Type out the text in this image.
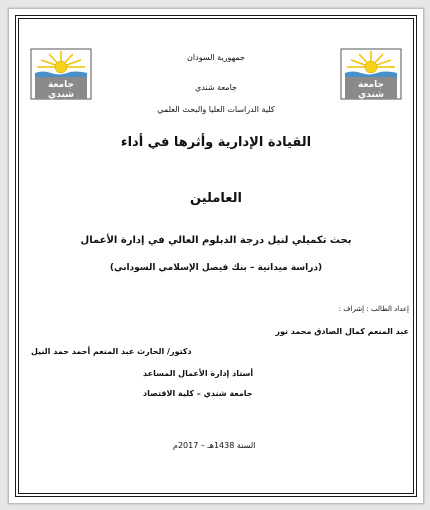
جامعة
شندي
جامعة
شندي
جمهورية السودان
جامعة شندي
كلية الدراسات العليا والبحث العلمي
القيادة الإدارية وأثرها في أداء
العاملين
بحث تكميلي لنيل درجة الدبلوم العالي في إدارة الأعمال
(دراسة ميدانية – بنك فيصل الإسلامي السوداني)
إعداد الطالب : إشراف :
عبد المنعم كمال الصادق محمد نور
دكتور/ الحارث عبد المنعم أحمد حمد النيل
أستاذ إدارة الأعمال المساعد
جامعة شندي – كلية الاقتصاد
السنة 1438هـ – 2017م
